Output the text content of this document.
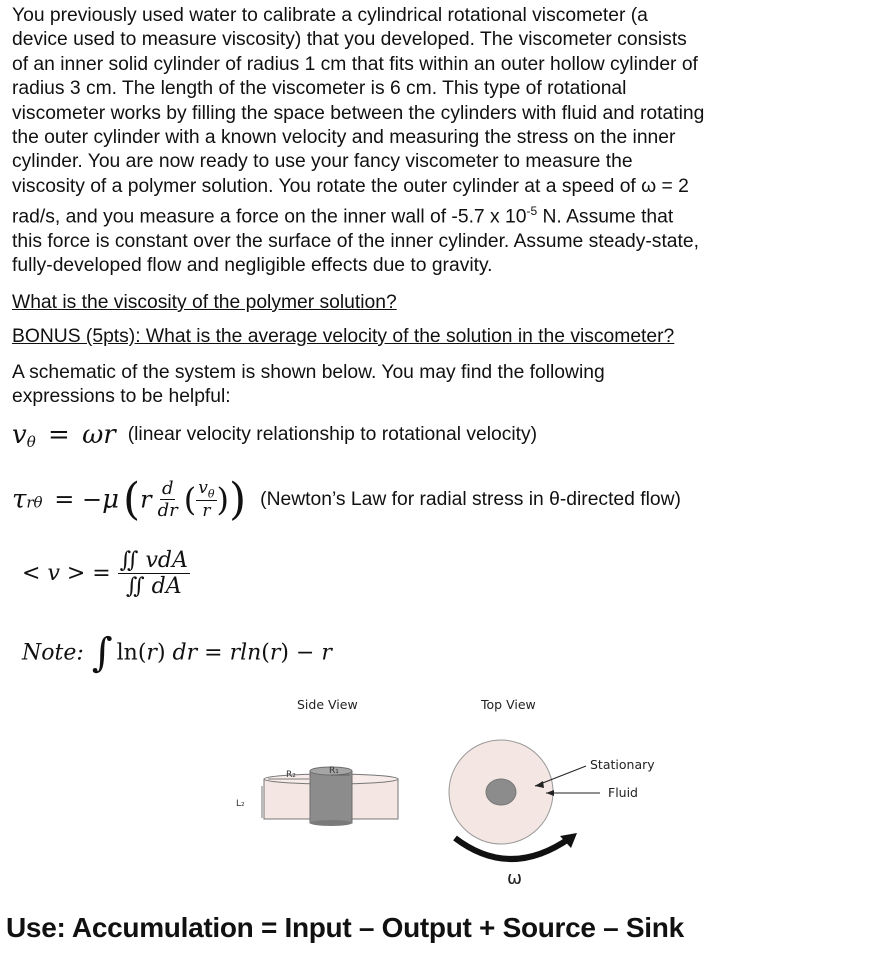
You previously used water to calibrate a cylindrical rotational viscometer (a
device used to measure viscosity) that you developed. The viscometer consists
of an inner solid cylinder of radius 1 cm that fits within an outer hollow cylinder of
radius 3 cm. The length of the viscometer is 6 cm. This type of rotational
viscometer works by filling the space between the cylinders with fluid and rotating
the outer cylinder with a known velocity and measuring the stress on the inner
cylinder. You are now ready to use your fancy viscometer to measure the
viscosity of a polymer solution. You rotate the outer cylinder at a speed of ω = 2
rad/s, and you measure a force on the inner wall of -5.7 x $10^{-5}$ N. Assume that
this force is constant over the surface of the inner cylinder. Assume steady-state,
fully-developed flow and negligible effects due to gravity.
What is the viscosity of the polymer solution?
BONUS (5pts): What is the average velocity of the solution in the viscometer?
A schematic of the system is shown below. You may find the following
expressions to be helpful:
$v_\theta = \omega r$ (linear velocity relationship to rotational velocity)
$\tau_{r\theta} = -\mu$ ($r \frac{d}{dr}$ ( $\frac{v_\theta}{r}$ )) (Newton’s Law for radial stress in θ-directed flow)
< v > = $\frac{\text{∬ vdA}}{∬ dA}$
Note: ∫ ln(r) dr = rln(r) − r
Side View	Top View
R₂	R₁
L₂
Stationary
Fluid
ω
Use: Accumulation = Input – Output + Source – Sink
